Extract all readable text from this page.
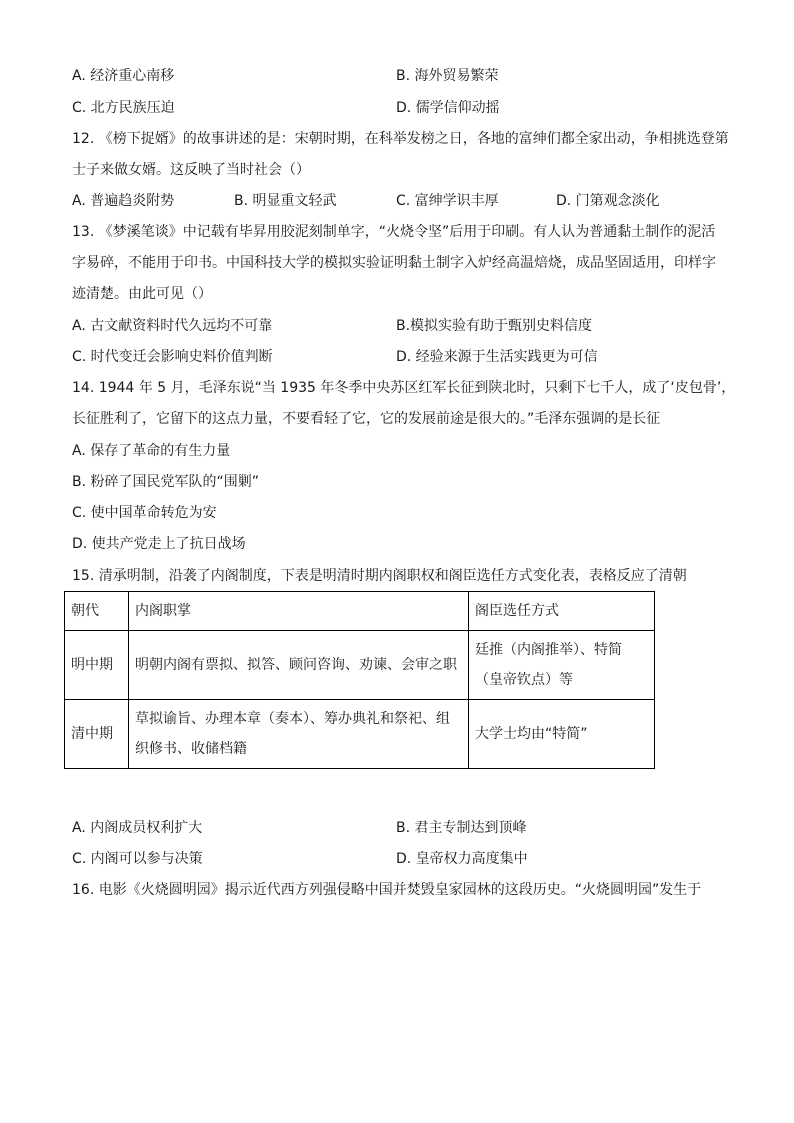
A. 经济重心南移	B. 海外贸易繁荣
C. 北方民族压迫	D. 儒学信仰动摇
12. 《榜下捉婿》的故事讲述的是：宋朝时期，在科举发榜之日，各地的富绅们都全家出动，争相挑选登第
士子来做女婿。这反映了当时社会（）
A. 普遍趋炎附势	B. 明显重文轻武	C. 富绅学识丰厚	D. 门第观念淡化
13. 《梦溪笔谈》中记载有毕昇用胶泥刻制单字，“火烧令坚”后用于印刷。有人认为普通黏土制作的泥活
字易碎，不能用于印书。中国科技大学的模拟实验证明黏土制字入炉经高温焙烧，成品坚固适用，印样字
迹清楚。由此可见（）
A. 古文献资料时代久远均不可靠	B.模拟实验有助于甄别史料信度
C. 时代变迁会影响史料价值判断	D. 经验来源于生活实践更为可信
14. 1944 年 5 月，毛泽东说“当 1935 年冬季中央苏区红军长征到陕北时，只剩下七千人，成了‘皮包骨’，
长征胜利了，它留下的这点力量，不要看轻了它，它的发展前途是很大的。”毛泽东强调的是长征
A. 保存了革命的有生力量
B. 粉碎了国民党军队的“围剿”
C. 使中国革命转危为安
D. 使共产党走上了抗日战场
15. 清承明制，沿袭了内阁制度，下表是明清时期内阁职权和阁臣选任方式变化表，表格反应了清朝
朝代	内阁职掌	阁臣选任方式
明中期	明朝内阁有票拟、拟答、顾问咨询、劝谏、会审之职	廷推（内阁推举）、特简（皇帝钦点）等
清中期	草拟谕旨、办理本章（奏本）、筹办典礼和祭祀、组织修书、收储档籍	大学士均由“特简”
A. 内阁成员权利扩大	B. 君主专制达到顶峰
C. 内阁可以参与决策	D. 皇帝权力高度集中
16. 电影《火烧圆明园》揭示近代西方列强侵略中国并焚毁皇家园林的这段历史。“火烧圆明园”发生于
